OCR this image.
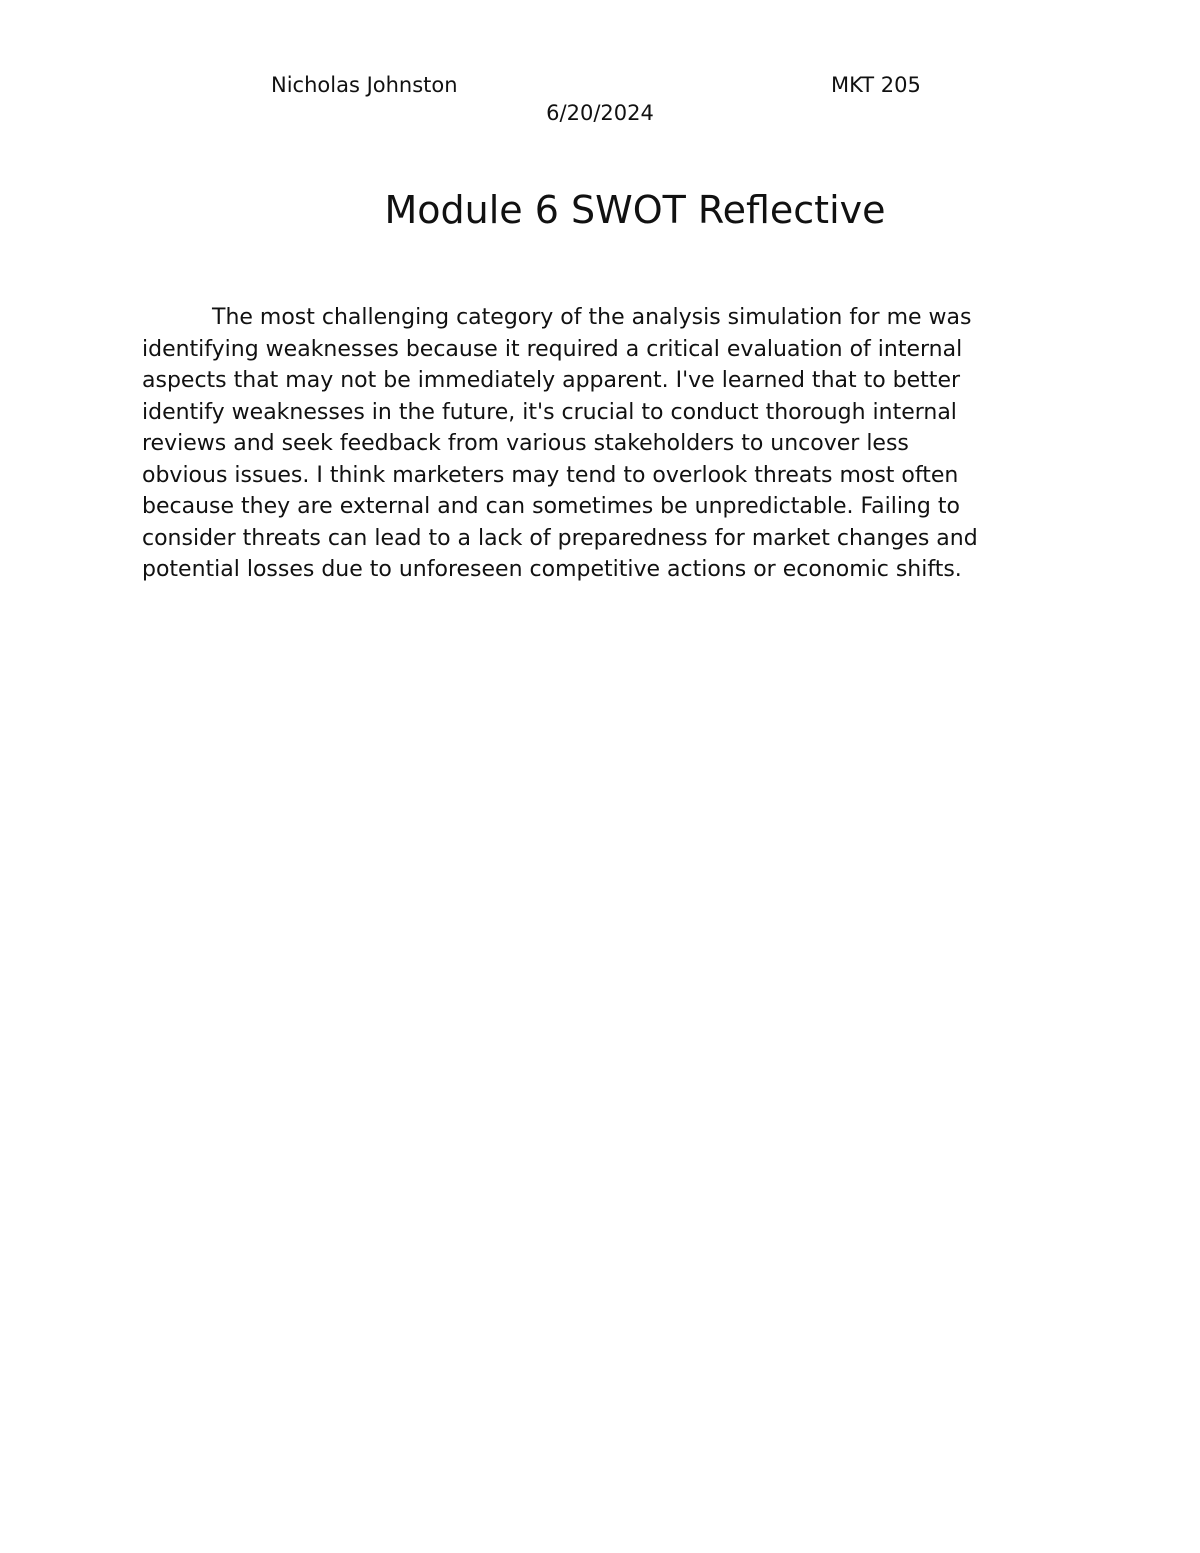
Nicholas Johnston	MKT 205
6/20/2024
Module 6 SWOT Reflective

The most challenging category of the analysis simulation for me was
identifying weaknesses because it required a critical evaluation of internal
aspects that may not be immediately apparent. I've learned that to better
identify weaknesses in the future, it's crucial to conduct thorough internal
reviews and seek feedback from various stakeholders to uncover less
obvious issues. I think marketers may tend to overlook threats most often
because they are external and can sometimes be unpredictable. Failing to
consider threats can lead to a lack of preparedness for market changes and
potential losses due to unforeseen competitive actions or economic shifts.
